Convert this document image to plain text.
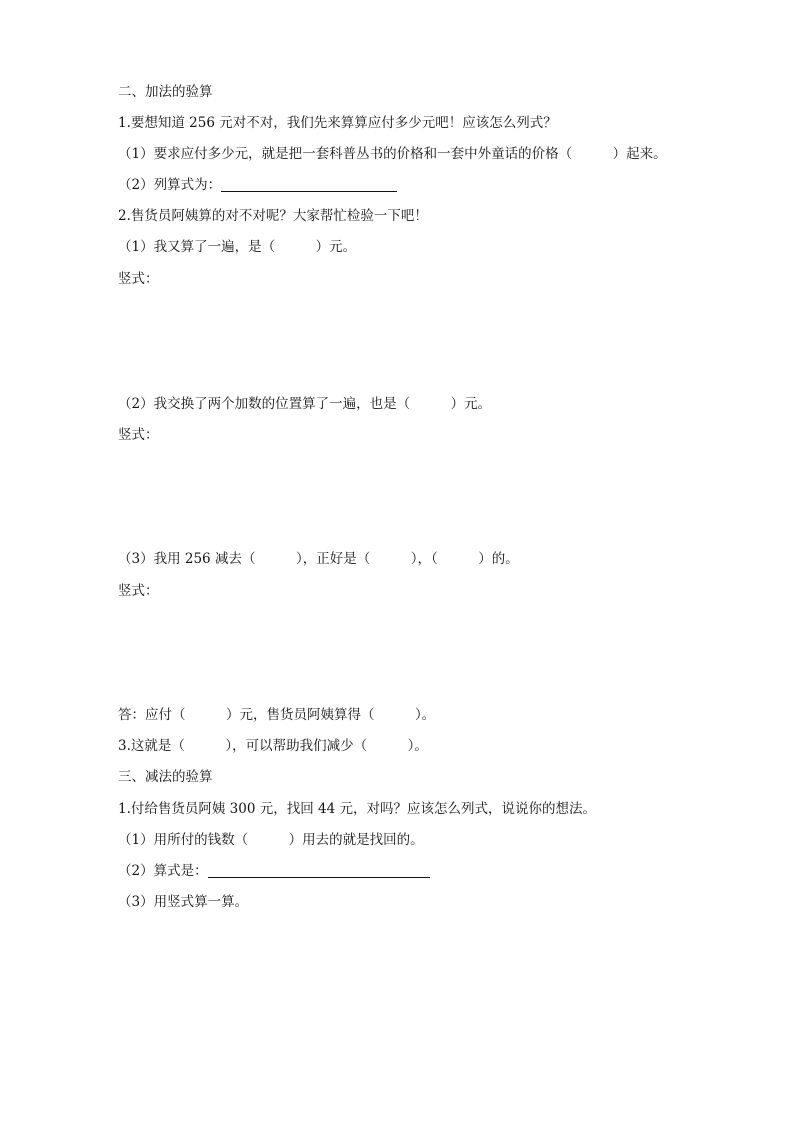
二、加法的验算
1.要想知道 256 元对不对，我们先来算算应付多少元吧！应该怎么列式？
（1）要求应付多少元，就是把一套科普丛书的价格和一套中外童话的价格（　　　）起来。
（2）列算式为：
2.售货员阿姨算的对不对呢？大家帮忙检验一下吧！
（1）我又算了一遍，是（　　　）元。
竖式：
（2）我交换了两个加数的位置算了一遍，也是（　　　）元。
竖式：
（3）我用 256 减去（　　　），正好是（　　　），（　　　）的。
竖式：
答：应付（　　　）元，售货员阿姨算得（　　　）。
3.这就是（　　　），可以帮助我们减少（　　　）。
三、减法的验算
1.付给售货员阿姨 300 元，找回 44 元，对吗？应该怎么列式，说说你的想法。
（1）用所付的钱数（　　　）用去的就是找回的。
（2）算式是：
（3）用竖式算一算。
